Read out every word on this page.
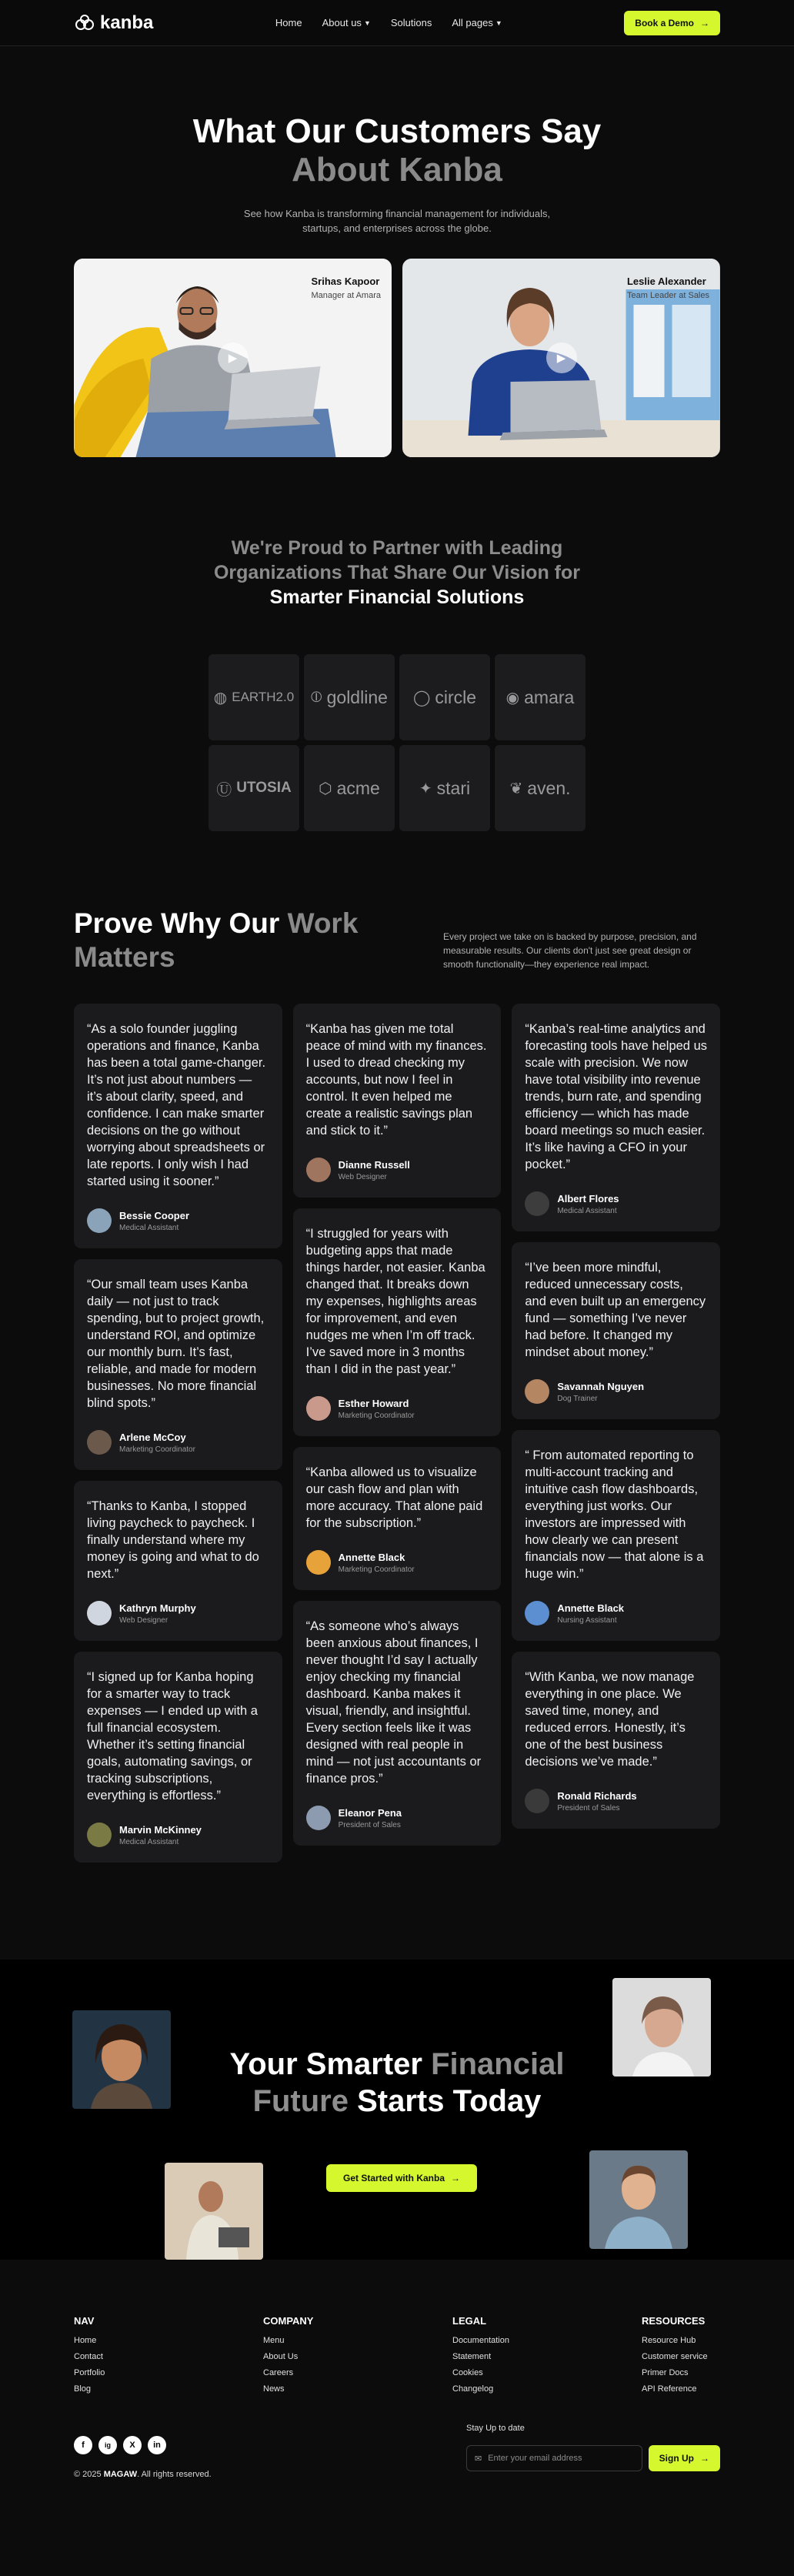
kanba	Home About us ▼ Solutions All pages ▼	Book a Demo →
What Our Customers Say
About Kanba

See how Kanba is transforming financial management for individuals, startups, and enterprises across the globe.

Srihas Kapoor
Manager at Amara
▶
Leslie Alexander
Team Leader at Sales
▶
We're Proud to Partner with Leading Organizations That Share Our Vision for Smarter Financial Solutions
◍ EARTH2.0 ⦶ goldline ◯ circle ◉ amara
Ⓤ UTOSIA ⬡ acme	✦ stari	❦ aven.
Prove Why Our Work Matters

Every project we take on is backed by purpose, precision, and measurable results. Our clients don't just see great design or smooth functionality—they experience real impact.

“As a solo founder juggling operations and finance, Kanba has been a total game-changer. It’s not just about numbers — it’s about clarity, speed, and confidence. I can make smarter decisions on the go without worrying about spreadsheets or late reports. I only wish I had started using it sooner.”
Bessie Cooper
Medical Assistant
“Our small team uses Kanba daily — not just to track spending, but to project growth, understand ROI, and optimize our monthly burn. It’s fast, reliable, and made for modern businesses. No more financial blind spots.”
Arlene McCoy
Marketing Coordinator
“Thanks to Kanba, I stopped living paycheck to paycheck. I finally understand where my money is going and what to do next.”
Kathryn Murphy
Web Designer
“I signed up for Kanba hoping for a smarter way to track expenses — I ended up with a full financial ecosystem. Whether it’s setting financial goals, automating savings, or tracking subscriptions, everything is effortless.”
Marvin McKinney
Medical Assistant
“Kanba has given me total peace of mind with my finances. I used to dread checking my accounts, but now I feel in control. It even helped me create a realistic savings plan and stick to it.”
Dianne Russell
Web Designer
“I struggled for years with budgeting apps that made things harder, not easier. Kanba changed that. It breaks down my expenses, highlights areas for improvement, and even nudges me when I’m off track. I’ve saved more in 3 months than I did in the past year.”
Esther Howard
Marketing Coordinator
“Kanba allowed us to visualize our cash flow and plan with more accuracy. That alone paid for the subscription.”
Annette Black
Marketing Coordinator
“As someone who’s always been anxious about finances, I never thought I’d say I actually enjoy checking my financial dashboard. Kanba makes it visual, friendly, and insightful. Every section feels like it was designed with real people in mind — not just accountants or finance pros.”
Eleanor Pena
President of Sales
“Kanba’s real-time analytics and forecasting tools have helped us scale with precision. We now have total visibility into revenue trends, burn rate, and spending efficiency — which has made board meetings so much easier. It’s like having a CFO in your pocket.”
Albert Flores
Medical Assistant
“I’ve been more mindful, reduced unnecessary costs, and even built up an emergency fund — something I’ve never had before. It changed my mindset about money.”
Savannah Nguyen
Dog Trainer
“ From automated reporting to multi-account tracking and intuitive cash flow dashboards, everything just works. Our investors are impressed with how clearly we can present financials now — that alone is a huge win.”
Annette Black
Nursing Assistant
“With Kanba, we now manage everything in one place. We saved time, money, and reduced errors. Honestly, it’s one of the best business decisions we’ve made.”
Ronald Richards
President of Sales
Your Smarter Financial
Future Starts Today
Get Started with Kanba →
NAV
Home
Contact
Portfolio
Blog
COMPANY
Menu
About Us
Careers
News
LEGAL
Documentation
Statement
Cookies
Changelog
RESOURCES
Resource Hub
Customer service
Primer Docs
API Reference
f	ig	X	in
© 2025 MAGAW. All rights reserved.
Stay Up to date
✉
Enter your email address	Sign Up →
